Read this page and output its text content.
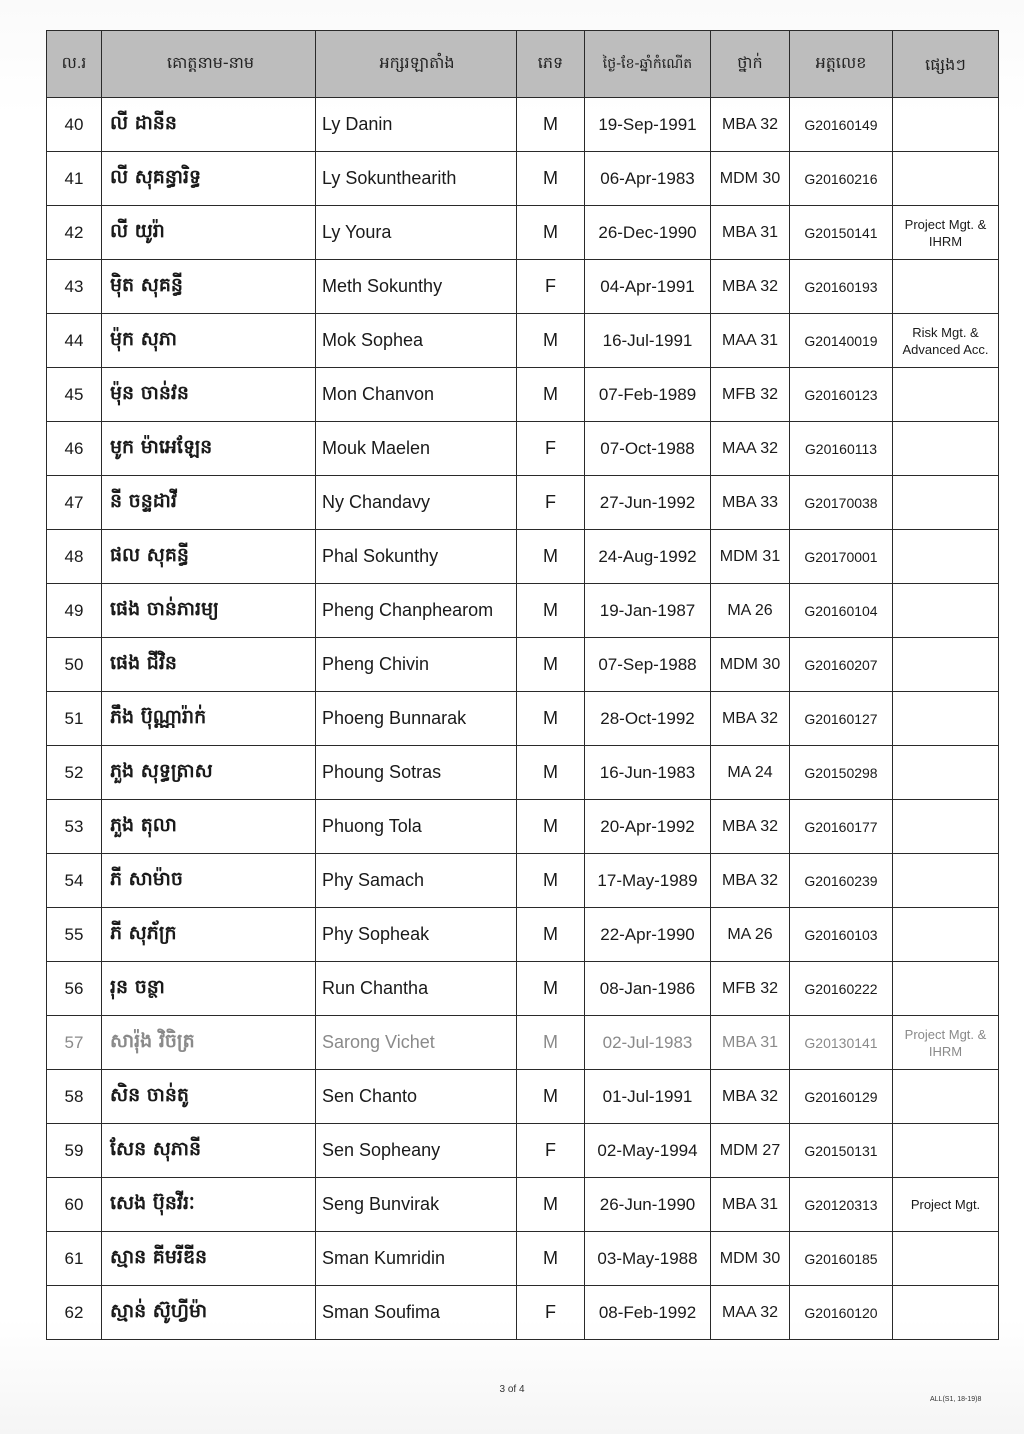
ល.រ	គោត្តនាម-នាម	អក្សរឡាតាំង	ភេទ	ថ្ងៃ-ខែ-ឆ្នាំកំណើត	ថ្នាក់	អត្តលេខ	ផ្សេងៗ
40	លី ដានីន	Ly Danin	M	19-Sep-1991	MBA 32	G20160149	
41	លី សុគន្ធារិទ្ធ	Ly Sokunthearith	M	06-Apr-1983	MDM 30	G20160216	
42	លី យូរ៉ា	Ly Youra	M	26-Dec-1990	MBA 31	G20150141	Project Mgt. & IHRM
43	ម៉ិត សុគន្ធី	Meth Sokunthy	F	04-Apr-1991	MBA 32	G20160193	
44	ម៉ុក សុភា	Mok Sophea	M	16-Jul-1991	MAA 31	G20140019	Risk Mgt. & Advanced Acc.
45	ម៉ុន ចាន់វន	Mon Chanvon	M	07-Feb-1989	MFB 32	G20160123	
46	មូក ម៉ាអេឡែន	Mouk Maelen	F	07-Oct-1988	MAA 32	G20160113	
47	នី ចន្ទដាវី	Ny Chandavy	F	27-Jun-1992	MBA 33	G20170038	
48	ផល សុគន្ធី	Phal Sokunthy	M	24-Aug-1992	MDM 31	G20170001	
49	ផេង ចាន់ភារម្យ	Pheng Chanphearom	M	19-Jan-1987	MA 26	G20160104	
50	ផេង ជីវិន	Pheng Chivin	M	07-Sep-1988	MDM 30	G20160207	
51	ភឹង ប៊ុណ្ណារ៉ាក់	Phoeng Bunnarak	M	28-Oct-1992	MBA 32	G20160127	
52	ភួង សុទ្ធត្រាស	Phoung Sotras	M	16-Jun-1983	MA 24	G20150298	
53	ភួង តុលា	Phuong Tola	M	20-Apr-1992	MBA 32	G20160177	
54	ភី សាម៉ាច	Phy Samach	M	17-May-1989	MBA 32	G20160239	
55	ភី សុភ័ក្រ	Phy Sopheak	M	22-Apr-1990	MA 26	G20160103	
56	រុន ចន្ថា	Run Chantha	M	08-Jan-1986	MFB 32	G20160222	
57	សារ៉ុង វិចិត្រ	Sarong Vichet	M	02-Jul-1983	MBA 31	G20130141	Project Mgt. & IHRM
58	សិន ចាន់តូ	Sen Chanto	M	01-Jul-1991	MBA 32	G20160129	
59	សែន សុភានី	Sen Sopheany	F	02-May-1994	MDM 27	G20150131	
60	សេង ប៊ុនវីរៈ	Seng Bunvirak	M	26-Jun-1990	MBA 31	G20120313	Project Mgt.
61	ស្មាន គីមរីឌីន	Sman Kumridin	M	03-May-1988	MDM 30	G20160185	
62	ស្មាន់ ស៊ូហ្វីម៉ា	Sman Soufima	F	08-Feb-1992	MAA 32	G20160120	
3 of 4
ALL(S1, 18-19)8
